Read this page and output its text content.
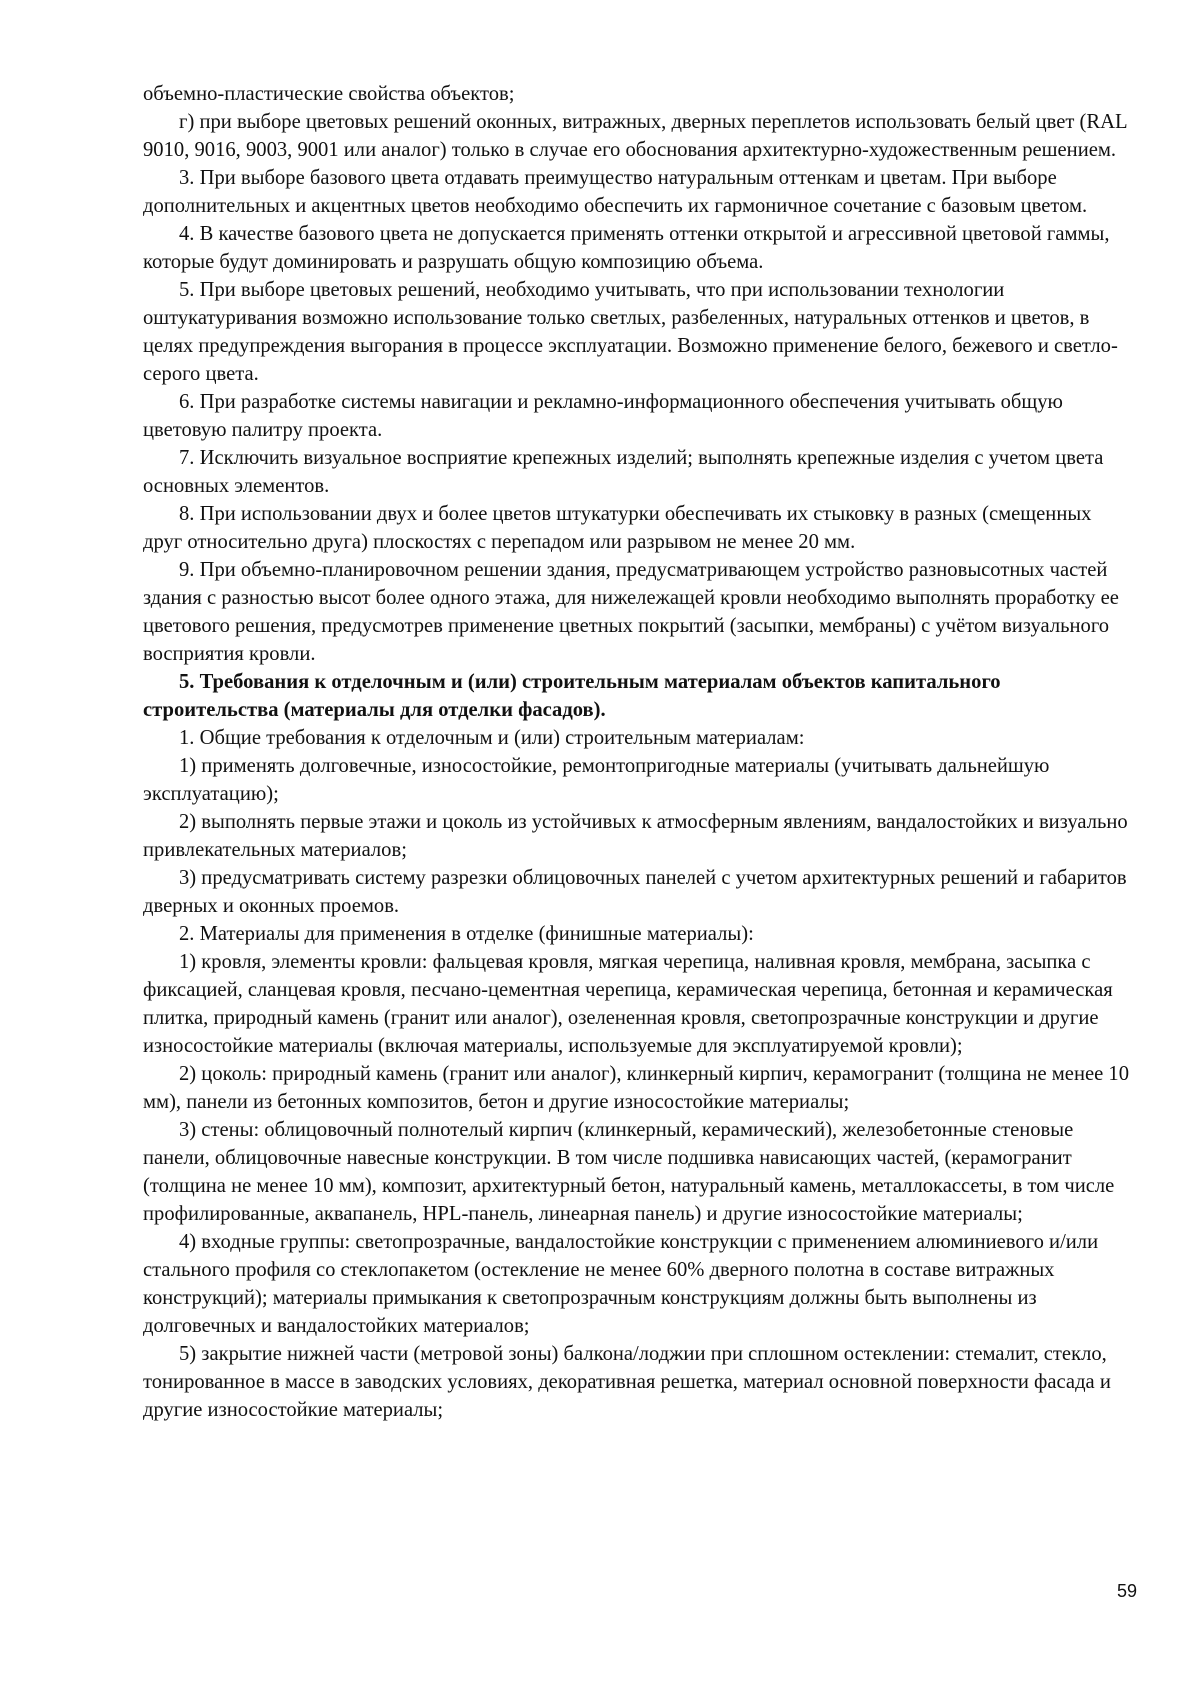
объемно-пластические свойства объектов;

г) при выборе цветовых решений оконных, витражных, дверных переплетов использовать белый цвет (RAL 9010, 9016, 9003, 9001 или аналог) только в случае его обоснования архитектурно-художественным решением.

3. При выборе базового цвета отдавать преимущество натуральным оттенкам и цветам. При выборе дополнительных и акцентных цветов необходимо обеспечить их гармоничное сочетание с базовым цветом.

4. В качестве базового цвета не допускается применять оттенки открытой и агрессивной цветовой гаммы, которые будут доминировать и разрушать общую композицию объема.

5. При выборе цветовых решений, необходимо учитывать, что при использовании технологии оштукатуривания возможно использование только светлых, разбеленных, натуральных оттенков и цветов, в целях предупреждения выгорания в процессе эксплуатации. Возможно применение белого, бежевого и светло-серого цвета.

6. При разработке системы навигации и рекламно-информационного обеспечения учитывать общую цветовую палитру проекта.

7. Исключить визуальное восприятие крепежных изделий; выполнять крепежные изделия с учетом цвета основных элементов.

8. При использовании двух и более цветов штукатурки обеспечивать их стыковку в разных (смещенных друг относительно друга) плоскостях с перепадом или разрывом не менее 20 мм.

9. При объемно-планировочном решении здания, предусматривающем устройство разновысотных частей здания с разностью высот более одного этажа, для нижележащей кровли необходимо выполнять проработку ее цветового решения, предусмотрев применение цветных покрытий (засыпки, мембраны) с учётом визуального восприятия кровли.

5. Требования к отделочным и (или) строительным материалам объектов капитального строительства (материалы для отделки фасадов).

1. Общие требования к отделочным и (или) строительным материалам:

1) применять долговечные, износостойкие, ремонтопригодные материалы (учитывать дальнейшую эксплуатацию);

2) выполнять первые этажи и цоколь из устойчивых к атмосферным явлениям, вандалостойких и визуально привлекательных материалов;

3) предусматривать систему разрезки облицовочных панелей с учетом архитектурных решений и габаритов дверных и оконных проемов.

2. Материалы для применения в отделке (финишные материалы):

1) кровля, элементы кровли: фальцевая кровля, мягкая черепица, наливная кровля, мембрана, засыпка с фиксацией, сланцевая кровля, песчано-цементная черепица, керамическая черепица, бетонная и керамическая плитка, природный камень (гранит или аналог), озелененная кровля, светопрозрачные конструкции и другие износостойкие материалы (включая материалы, используемые для эксплуатируемой кровли);

2) цоколь: природный камень (гранит или аналог), клинкерный кирпич, керамогранит (толщина не менее 10 мм), панели из бетонных композитов, бетон и другие износостойкие материалы;

3) стены: облицовочный полнотелый кирпич (клинкерный, керамический), железобетонные стеновые панели, облицовочные навесные конструкции. В том числе подшивка нависающих частей, (керамогранит (толщина не менее 10 мм), композит, архитектурный бетон, натуральный камень, металлокассеты, в том числе профилированные, аквапанель, HPL-панель, линеарная панель) и другие износостойкие материалы;

4) входные группы: светопрозрачные, вандалостойкие конструкции с применением алюминиевого и/или стального профиля со стеклопакетом (остекление не менее 60% дверного полотна в составе витражных конструкций); материалы примыкания к светопрозрачным конструкциям должны быть выполнены из долговечных и вандалостойких материалов;

5) закрытие нижней части (метровой зоны) балкона/лоджии при сплошном остеклении: стемалит, стекло, тонированное в массе в заводских условиях, декоративная решетка, материал основной поверхности фасада и другие износостойкие материалы;

59
